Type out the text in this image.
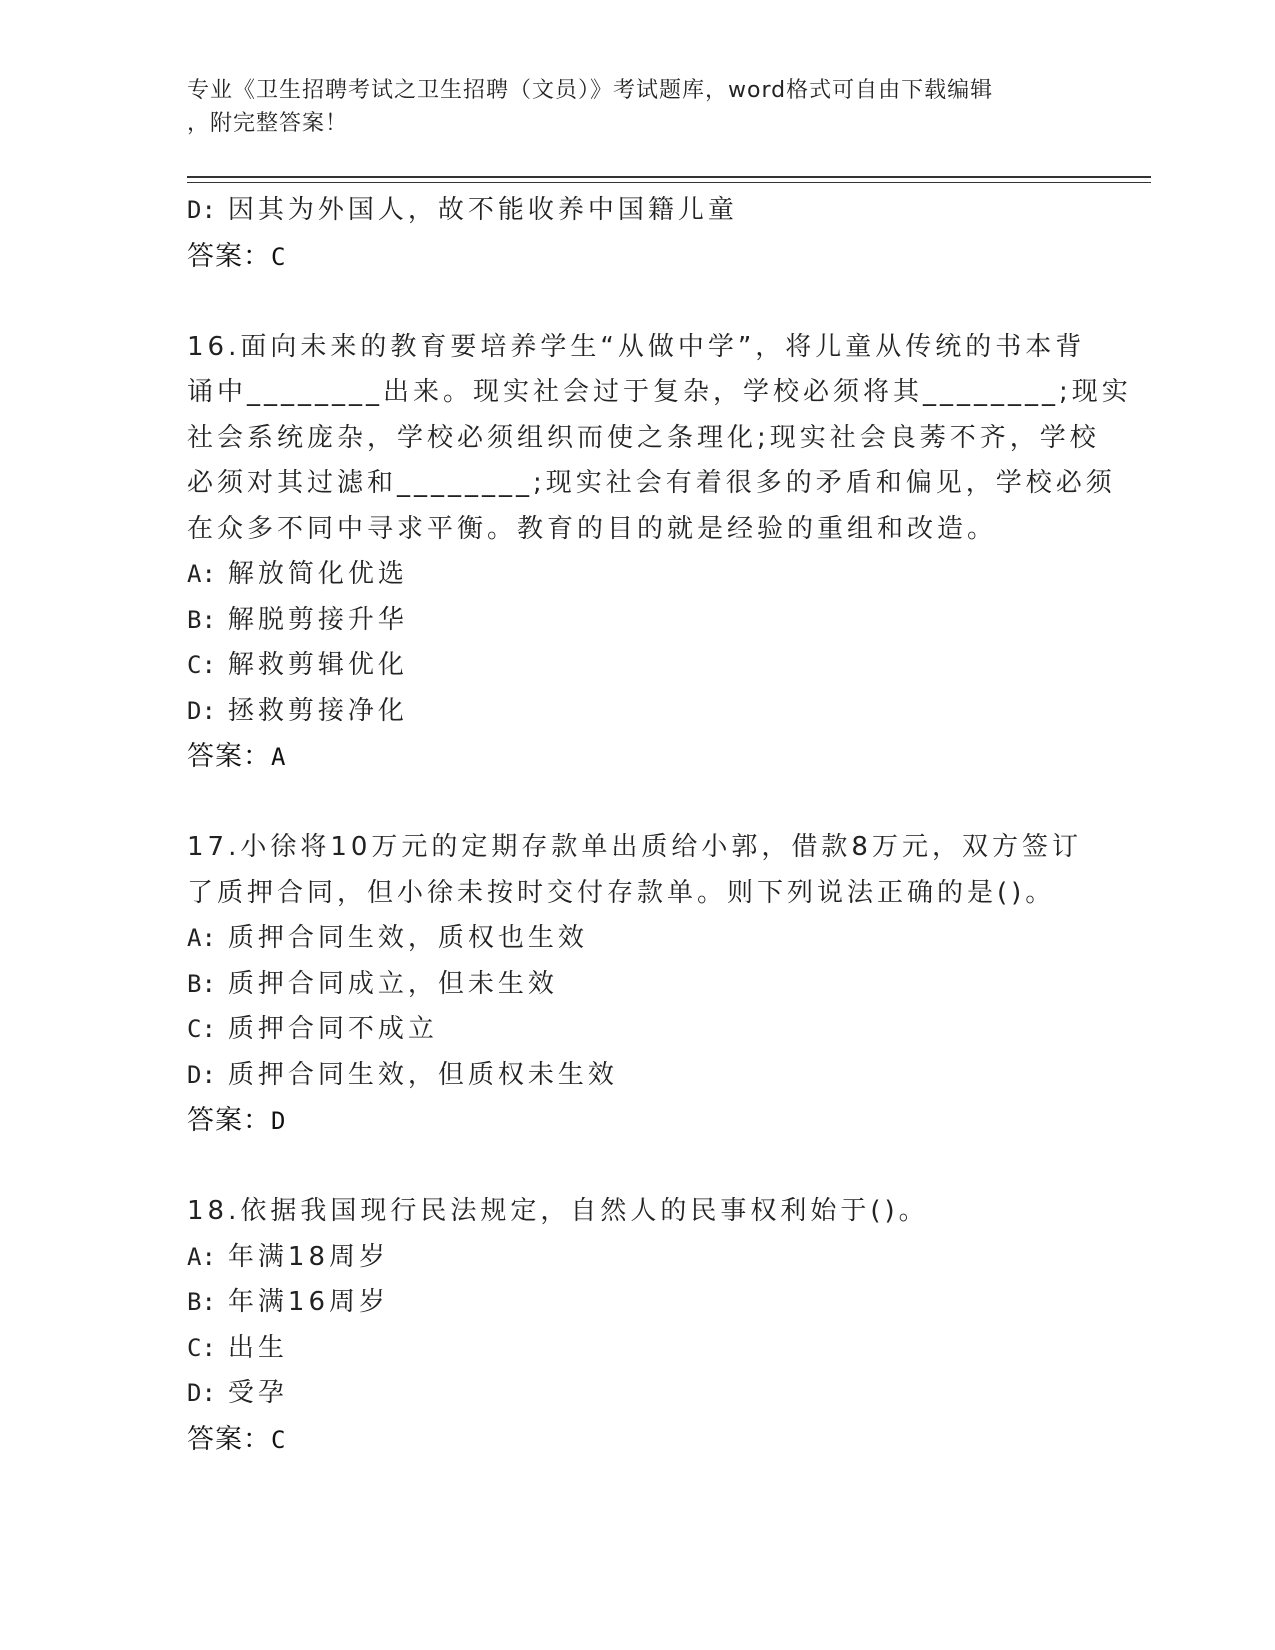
专业《卫生招聘考试之卫生招聘（文员）》考试题库，word格式可自由下载编辑
，附完整答案！
D: 因其为外国人，故不能收养中国籍儿童
答案：C
16.面向未来的教育要培养学生“从做中学”，将儿童从传统的书本背
诵中________出来。现实社会过于复杂，学校必须将其________;现实
社会系统庞杂，学校必须组织而使之条理化;现实社会良莠不齐，学校
必须对其过滤和________;现实社会有着很多的矛盾和偏见，学校必须
在众多不同中寻求平衡。教育的目的就是经验的重组和改造。
A: 解放简化优选
B: 解脱剪接升华
C: 解救剪辑优化
D: 拯救剪接净化
答案：A
17.小徐将10万元的定期存款单出质给小郭，借款8万元，双方签订
了质押合同，但小徐未按时交付存款单。则下列说法正确的是()。
A: 质押合同生效，质权也生效
B: 质押合同成立，但未生效
C: 质押合同不成立
D: 质押合同生效，但质权未生效
答案：D
18.依据我国现行民法规定，自然人的民事权利始于()。
A: 年满18周岁
B: 年满16周岁
C: 出生
D: 受孕
答案：C
